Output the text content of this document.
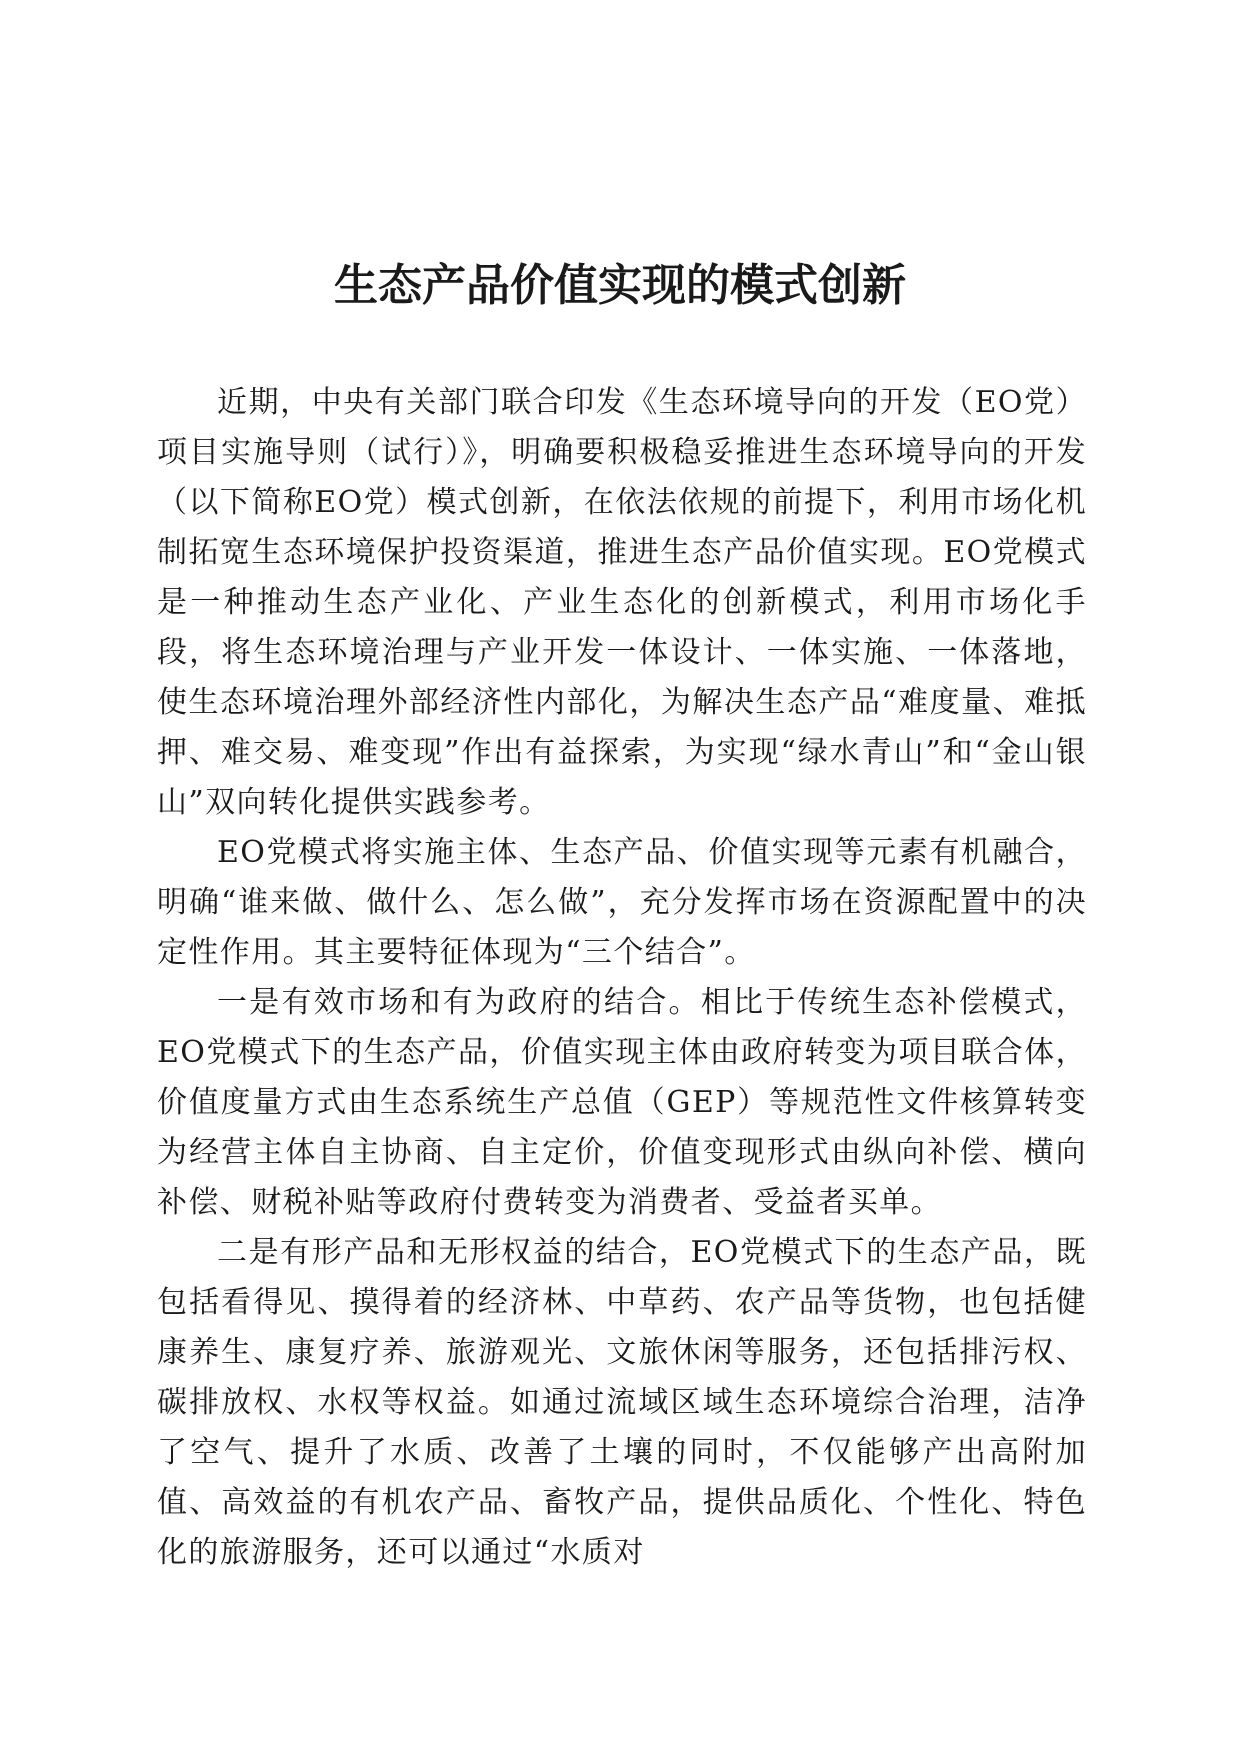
生态产品价值实现的模式创新

近期，中央有关部门联合印发《生态环境导向的开发（EO党）项目实施导则（试行）》，明确要积极稳妥推进生态环境导向的开发（以下简称EO党）模式创新，在依法依规的前提下，利用市场化机制拓宽生态环境保护投资渠道，推进生态产品价值实现。EO党模式是一种推动生态产业化、产业生态化的创新模式，利用市场化手段，将生态环境治理与产业开发一体设计、一体实施、一体落地，使生态环境治理外部经济性内部化，为解决生态产品“难度量、难抵押、难交易、难变现”作出有益探索，为实现“绿水青山”和“金山银山”双向转化提供实践参考。

EO党模式将实施主体、生态产品、价值实现等元素有机融合，明确“谁来做、做什么、怎么做”，充分发挥市场在资源配置中的决定性作用。其主要特征体现为“三个结合”。

一是有效市场和有为政府的结合。相比于传统生态补偿模式，EO党模式下的生态产品，价值实现主体由政府转变为项目联合体，价值度量方式由生态系统生产总值（GEP）等规范性文件核算转变为经营主体自主协商、自主定价，价值变现形式由纵向补偿、横向补偿、财税补贴等政府付费转变为消费者、受益者买单。

二是有形产品和无形权益的结合，EO党模式下的生态产品，既包括看得见、摸得着的经济林、中草药、农产品等货物，也包括健康养生、康复疗养、旅游观光、文旅休闲等服务，还包括排污权、碳排放权、水权等权益。如通过流域区域生态环境综合治理，洁净了空气、提升了水质、改善了土壤的同时，不仅能够产出高附加值、高效益的有机农产品、畜牧产品，提供品质化、个性化、特色化的旅游服务，还可以通过“水质对
